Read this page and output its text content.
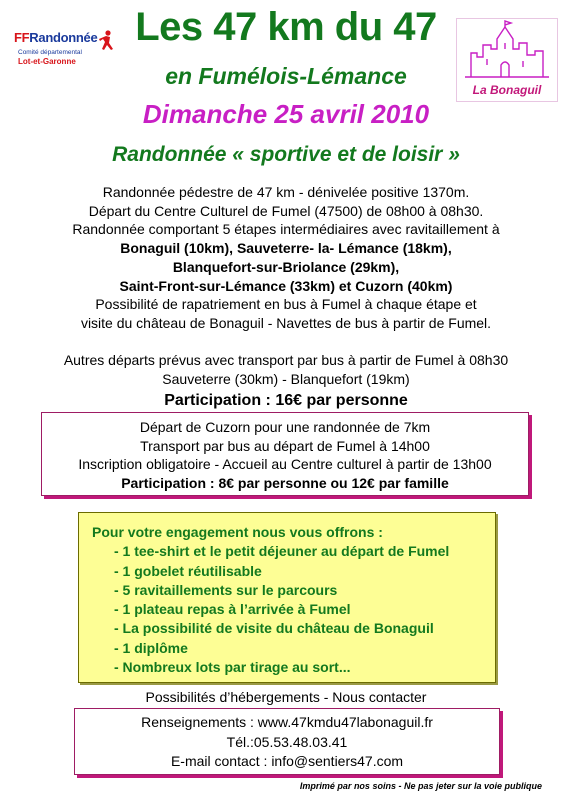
FFRandonnée
Comité départemental
Lot-et-Garonne
La Bonaguil
Les 47 km du 47
en Fumélois-Lémance
Dimanche 25 avril 2010
Randonnée « sportive et de loisir »
Randonnée pédestre de 47 km - dénivelée positive 1370m.
Départ du Centre Culturel de Fumel (47500) de 08h00 à 08h30.
Randonnée comportant 5 étapes intermédiaires avec ravitaillement à
Bonaguil (10km), Sauveterre- la- Lémance (18km),
Blanquefort-sur-Briolance (29km),
Saint-Front-sur-Lémance (33km) et Cuzorn (40km)
Possibilité de rapatriement en bus à Fumel à chaque étape et
visite du château de Bonaguil - Navettes de bus à partir de Fumel.
Autres départs prévus avec transport par bus à partir de Fumel à 08h30
Sauveterre (30km) - Blanquefort (19km)
Participation : 16€ par personne
Départ de Cuzorn pour une randonnée de 7km
Transport par bus au départ de Fumel à 14h00
Inscription obligatoire - Accueil au Centre culturel à partir de 13h00
Participation : 8€ par personne ou 12€ par famille
Pour votre engagement nous vous offrons :
- 1 tee-shirt et le petit déjeuner au départ de Fumel
- 1 gobelet réutilisable
- 5 ravitaillements sur le parcours
- 1 plateau repas à l’arrivée à Fumel
- La possibilité de visite du château de Bonaguil
- 1 diplôme
- Nombreux lots par tirage au sort...
Possibilités d’hébergements - Nous contacter
Renseignements : www.47kmdu47labonaguil.fr
Tél.:05.53.48.03.41
E-mail contact : info@sentiers47.com
Imprimé par nos soins - Ne pas jeter sur la voie publique
